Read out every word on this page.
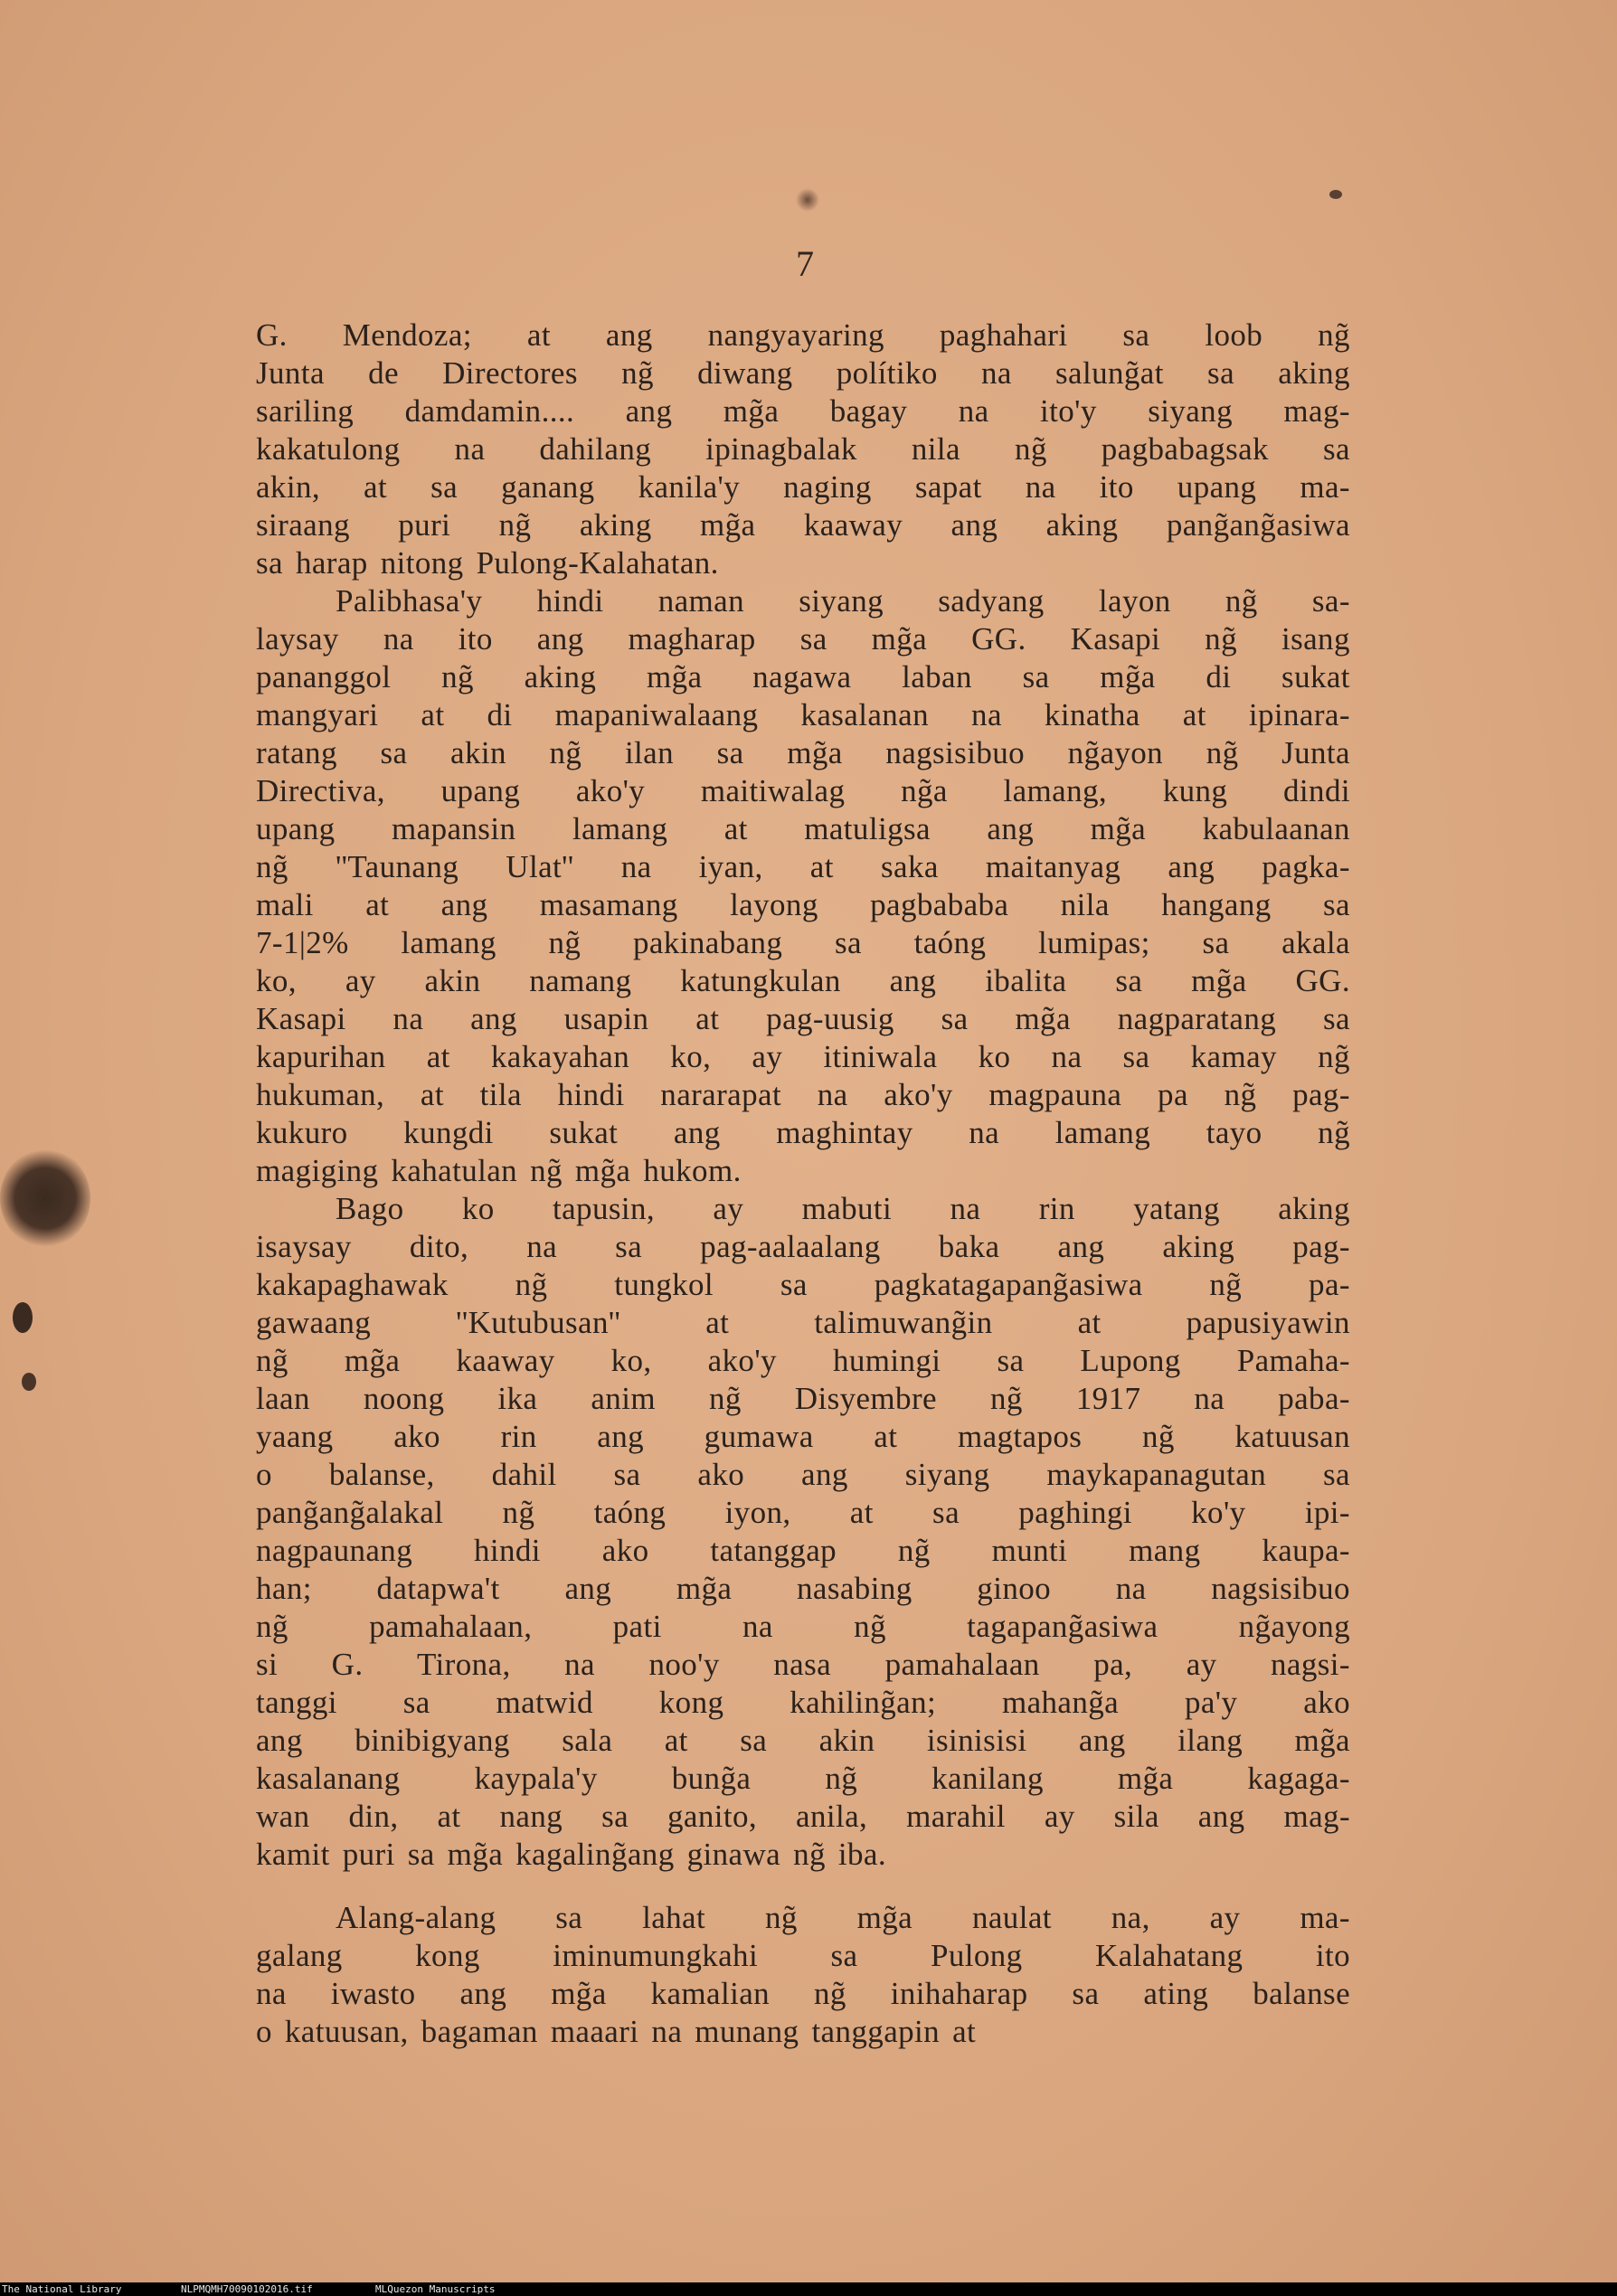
7
G. Mendoza; at ang nangyayaring paghahari sa loob ng̃
Junta de Directores ng̃ diwang polítiko na salung̃at sa aking
sariling damdamin.... ang mg̃a bagay na ito'y siyang mag-
kakatulong na dahilang ipinagbalak nila ng̃ pagbabagsak sa
akin, at sa ganang kanila'y naging sapat na ito upang ma-
siraang puri ng̃ aking mg̃a kaaway ang aking pang̃ang̃asiwa
sa harap nitong Pulong-Kalahatan.
Palibhasa'y hindi naman siyang sadyang layon ng̃ sa-
laysay na ito ang magharap sa mg̃a GG. Kasapi ng̃ isang
pananggol ng̃ aking mg̃a nagawa laban sa mg̃a di sukat
mangyari at di mapaniwalaang kasalanan na kinatha at ipinara-
ratang sa akin ng̃ ilan sa mg̃a nagsisibuo ng̃ayon ng̃ Junta
Directiva, upang ako'y maitiwalag ng̃a lamang, kung dindi
upang mapansin lamang at matuligsa ang mg̃a kabulaanan
ng̃ ''Taunang Ulat'' na iyan, at saka maitanyag ang pagka-
mali at ang masamang layong pagbababa nila hangang sa
7-1|2% lamang ng̃ pakinabang sa taóng lumipas; sa akala
ko, ay akin namang katungkulan ang ibalita sa mg̃a GG.
Kasapi na ang usapin at pag-uusig sa mg̃a nagparatang sa
kapurihan at kakayahan ko, ay itiniwala ko na sa kamay ng̃
hukuman, at tila hindi nararapat na ako'y magpauna pa ng̃ pag-
kukuro kungdi sukat ang maghintay na lamang tayo ng̃
magiging kahatulan ng̃ mg̃a hukom.
Bago ko tapusin, ay mabuti na rin yatang aking
isaysay dito, na sa pag-aalaalang baka ang aking pag-
kakapaghawak ng̃ tungkol sa pagkatagapang̃asiwa ng̃ pa-
gawaang	''Kutubusan''	at	talimuwang̃in	at	papusiyawin
ng̃ mg̃a kaaway ko, ako'y humingi sa Lupong Pamaha-
laan noong ika anim ng̃ Disyembre ng̃ 1917 na paba-
yaang ako rin ang gumawa at magtapos ng̃ katuusan
o balanse, dahil sa ako ang siyang maykapanagutan sa
pang̃ang̃alakal ng̃ taóng iyon, at sa paghingi ko'y ipi-
nagpaunang hindi ako tatanggap ng̃ munti mang kaupa-
han; datapwa't ang mg̃a nasabing ginoo na nagsisibuo
ng̃	pamahalaan,	pati	na	ng̃	tagapang̃asiwa	ng̃ayong
si G. Tirona, na noo'y nasa pamahalaan pa, ay nagsi-
tanggi sa matwid kong kahiling̃an; mahang̃a pa'y ako
ang binibigyang sala at sa akin isinisisi ang ilang mg̃a
kasalanang kaypala'y bung̃a ng̃ kanilang mg̃a kagaga-
wan din, at nang sa ganito, anila, marahil ay sila ang mag-
kamit puri sa mg̃a kagaling̃ang ginawa ng̃ iba.
Alang-alang sa lahat ng̃ mg̃a naulat na, ay ma-
galang kong iminumungkahi sa Pulong Kalahatang ito
na iwasto ang mg̃a kamalian ng̃ inihaharap sa ating balanse
o katuusan, bagaman maaari na munang tanggapin at
The National Library	NLPMQMH70090102016.tif	MLQuezon Manuscripts
